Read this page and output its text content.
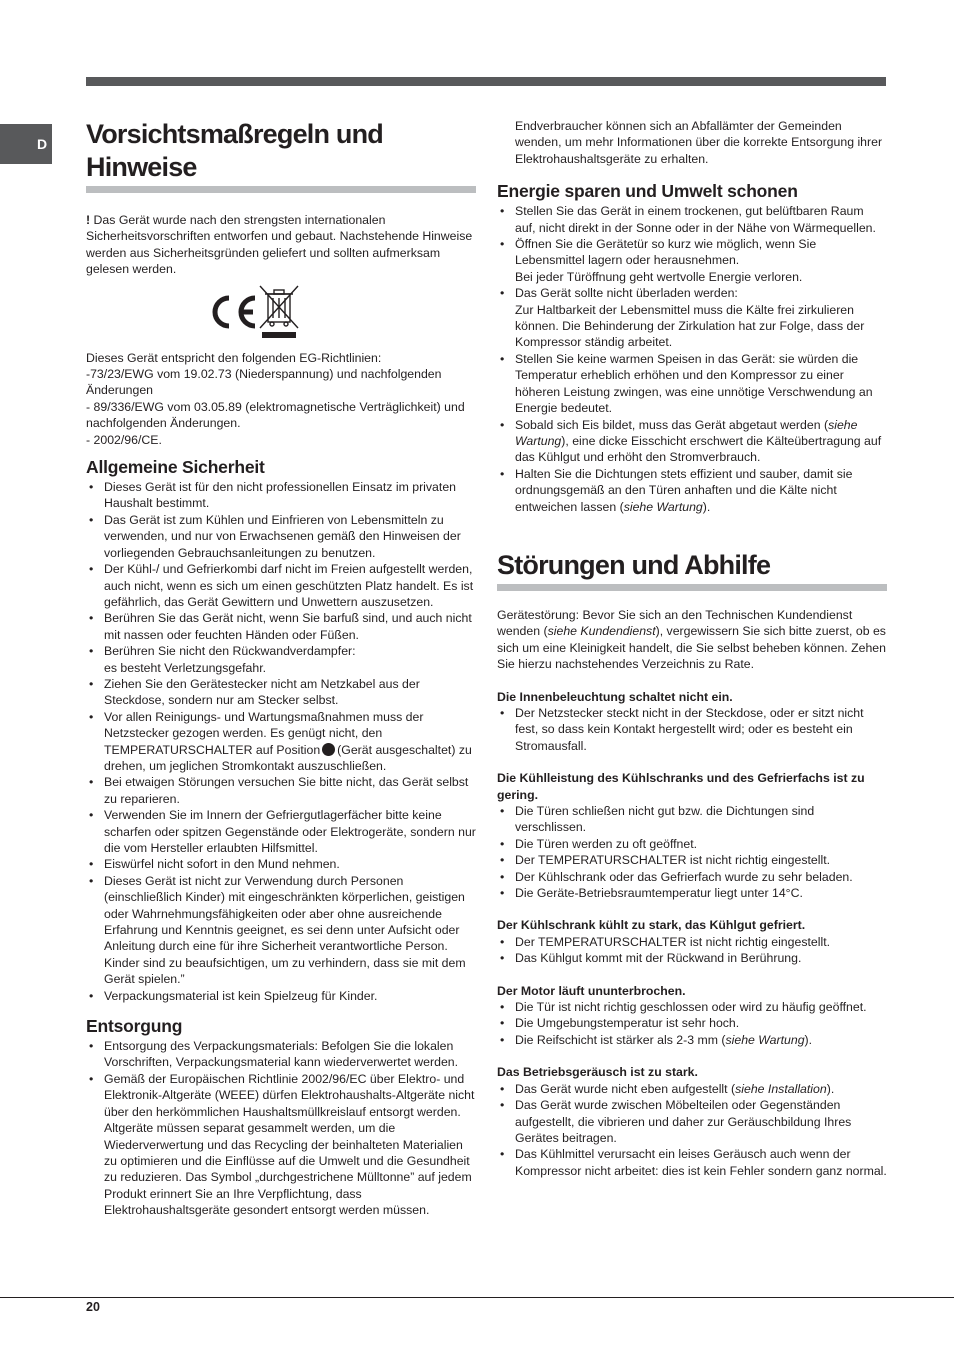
D Vorsichtsmaßregeln und
Hinweise

! Das Gerät wurde nach den strengsten internationalen Sicherheitsvorschriften entworfen und gebaut. Nachstehende Hinweise werden aus Sicherheitsgründen geliefert und sollten aufmerksam gelesen werden.

Dieses Gerät entspricht den folgenden EG-Richtlinien:

-73/23/EWG vom 19.02.73 (Niederspannung) und nachfolgenden Änderungen

- 89/336/EWG vom 03.05.89 (elektromagnetische Verträglichkeit) und nachfolgenden Änderungen.

- 2002/96/CE.

Allgemeine Sicherheit
• Dieses Gerät ist für den nicht professionellen Einsatz im privaten Haushalt bestimmt.
• Das Gerät ist zum Kühlen und Einfrieren von Lebensmitteln zu verwenden, und nur von Erwachsenen gemäß den Hinweisen der vorliegenden Gebrauchsanleitungen zu benutzen.
• Der Kühl-/ und Gefrierkombi darf nicht im Freien aufgestellt werden, auch nicht, wenn es sich um einen geschützten Platz handelt. Es ist gefährlich, das Gerät Gewittern und Unwettern auszusetzen.
• Berühren Sie das Gerät nicht, wenn Sie barfuß sind, und auch nicht mit nassen oder feuchten Händen oder Füßen.
• Berühren Sie nicht den Rückwandverdampfer:
es besteht Verletzungsgefahr.
• Ziehen Sie den Gerätestecker nicht am Netzkabel aus der Steckdose, sondern nur am Stecker selbst.
• Vor allen Reinigungs- und Wartungsmaßnahmen muss der Netzstecker gezogen werden. Es genügt nicht, den TEMPERATURSCHALTER auf Position (Gerät ausgeschaltet) zu drehen, um jeglichen Stromkontakt auszuschließen.
• Bei etwaigen Störungen versuchen Sie bitte nicht, das Gerät selbst zu reparieren.
• Verwenden Sie im Innern der Gefriergutlagerfächer bitte keine scharfen oder spitzen Gegenstände oder Elektrogeräte, sondern nur die vom Hersteller erlaubten Hilfsmittel.
• Eiswürfel nicht sofort in den Mund nehmen.
• Dieses Gerät ist nicht zur Verwendung durch Personen (einschließlich Kinder) mit eingeschränkten körperlichen, geistigen oder Wahrnehmungsfähigkeiten oder aber ohne ausreichende Erfahrung und Kenntnis geeignet, es sei denn unter Aufsicht oder Anleitung durch eine für ihre Sicherheit verantwortliche Person. Kinder sind zu beaufsichtigen, um zu verhindern, dass sie mit dem Gerät spielen.”
• Verpackungsmaterial ist kein Spielzeug für Kinder.
Entsorgung
• Entsorgung des Verpackungsmaterials: Befolgen Sie die lokalen Vorschriften, Verpackungsmaterial kann wiederverwertet werden.
• Gemäß der Europäischen Richtlinie 2002/96/EC über Elektro- und Elektronik-Altgeräte (WEEE) dürfen Elektrohaushalts-Altgeräte nicht über den herkömmlichen Haushaltsmüllkreislauf entsorgt werden. Altgeräte müssen separat gesammelt werden, um die Wiederverwertung und das Recycling der beinhalteten Materialien zu optimieren und die Einflüsse auf die Umwelt und die Gesundheit zu reduzieren. Das Symbol „durchgestrichene Mülltonne” auf jedem Produkt erinnert Sie an Ihre Verpflichtung, dass Elektrohaushaltsgeräte gesondert entsorgt werden müssen.

Endverbraucher können sich an Abfallämter der Gemeinden wenden, um mehr Informationen über die korrekte Entsorgung ihrer Elektrohaushaltsgeräte zu erhalten.

Energie sparen und Umwelt schonen
• Stellen Sie das Gerät in einem trockenen, gut belüftbaren Raum auf, nicht direkt in der Sonne oder in der Nähe von Wärmequellen.
• Öffnen Sie die Gerätetür so kurz wie möglich, wenn Sie Lebensmittel lagern oder herausnehmen.
Bei jeder Türöffnung geht wertvolle Energie verloren.
• Das Gerät sollte nicht überladen werden:
Zur Haltbarkeit der Lebensmittel muss die Kälte frei zirkulieren können. Die Behinderung der Zirkulation hat zur Folge, dass der Kompressor ständig arbeitet.
• Stellen Sie keine warmen Speisen in das Gerät: sie würden die Temperatur erheblich erhöhen und den Kompressor zu einer höheren Leistung zwingen, was eine unnötige Verschwendung an Energie bedeutet.
• Sobald sich Eis bildet, muss das Gerät abgetaut werden (siehe Wartung), eine dicke Eisschicht erschwert die Kälteübertragung auf das Kühlgut und erhöht den Stromverbrauch.
• Halten Sie die Dichtungen stets effizient und sauber, damit sie ordnungsgemäß an den Türen anhaften und die Kälte nicht entweichen lassen (siehe Wartung).
Störungen und Abhilfe

Gerätestörung: Bevor Sie sich an den Technischen Kundendienst wenden (siehe Kundendienst), vergewissern Sie sich bitte zuerst, ob es sich um eine Kleinigkeit handelt, die Sie selbst beheben können. Zehen Sie hierzu nachstehendes Verzeichnis zu Rate.

Die Innenbeleuchtung schaltet nicht ein.

• Der Netzstecker steckt nicht in der Steckdose, oder er sitzt nicht fest, so dass kein Kontakt hergestellt wird; oder es besteht ein Stromausfall.

Die Kühlleistung des Kühlschranks und des Gefrierfachs ist zu gering.

• Die Türen schließen nicht gut bzw. die Dichtungen sind verschlissen.
• Die Türen werden zu oft geöffnet.
• Der TEMPERATURSCHALTER ist nicht richtig eingestellt.
• Der Kühlschrank oder das Gefrierfach wurde zu sehr beladen.
• Die Geräte-Betriebsraumtemperatur liegt unter 14°C.

Der Kühlschrank kühlt zu stark, das Kühlgut gefriert.

• Der TEMPERATURSCHALTER ist nicht richtig eingestellt.
• Das Kühlgut kommt mit der Rückwand in Berührung.

Der Motor läuft ununterbrochen.

• Die Tür ist nicht richtig geschlossen oder wird zu häufig geöffnet.
• Die Umgebungstemperatur ist sehr hoch.
• Die Reifschicht ist stärker als 2-3 mm (siehe Wartung).

Das Betriebsgeräusch ist zu stark.

• Das Gerät wurde nicht eben aufgestellt (siehe Installation).
• Das Gerät wurde zwischen Möbelteilen oder Gegenständen aufgestellt, die vibrieren und daher zur Geräuschbildung Ihres Gerätes beitragen.
• Das Kühlmittel verursacht ein leises Geräusch auch wenn der Kompressor nicht arbeitet: dies ist kein Fehler sondern ganz normal.
20
